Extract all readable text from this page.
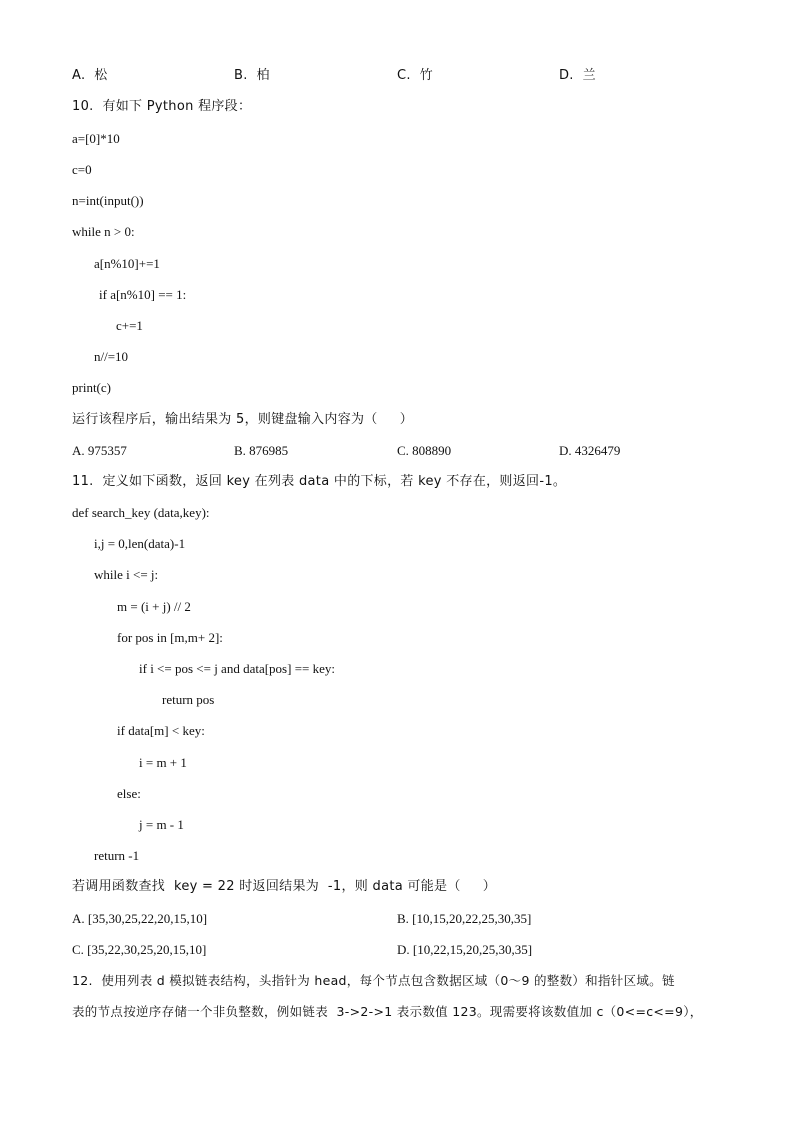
A.  松	B.  柏	C.  竹	D.  兰
10.  有如下 Python 程序段：
a=[0]*10
c=0
n=int(input())
while n > 0:
a[n%10]+=1
if a[n%10] == 1:
c+=1
n//=10
print(c)
运行该程序后，输出结果为 5，则键盘输入内容为（     ）
A. 975357	B. 876985	C. 808890	D. 4326479
11.  定义如下函数，返回 key 在列表 data 中的下标，若 key 不存在，则返回-1。
def search_key (data,key):
i,j = 0,len(data)-1
while i <= j:
m = (i + j) // 2
for pos in [m,m+ 2]:
if i <= pos <= j and data[pos] == key:
return pos
if data[m] < key:
i = m + 1
else:
j = m - 1
return -1
若调用函数查找  key = 22 时返回结果为  -1，则 data 可能是（     ）
A. [35,30,25,22,20,15,10]	B. [10,15,20,22,25,30,35]
C. [35,22,30,25,20,15,10]	D. [10,22,15,20,25,30,35]
12.  使用列表 d 模拟链表结构，头指针为 head，每个节点包含数据区域（0～9 的整数）和指针区域。链
表的节点按逆序存储一个非负整数，例如链表  3->2->1 表示数值 123。现需要将该数值加 c（0<=c<=9），
